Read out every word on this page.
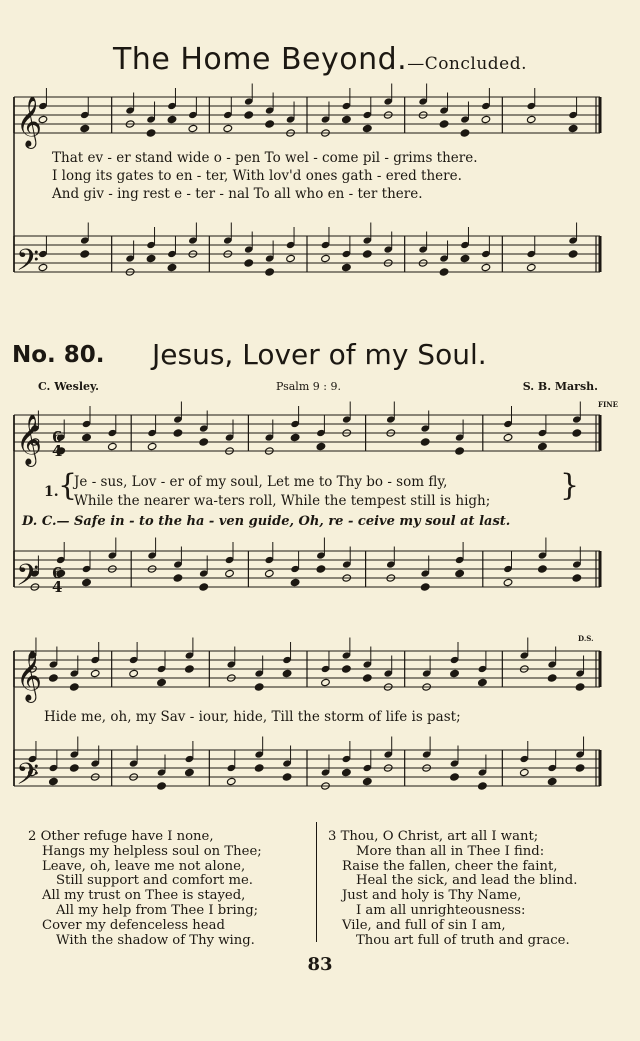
𝄞
𝄢
𝄞 6
4
𝄢 6
4
𝄞
𝄢
The Home Beyond.—Concluded.
That ev - er stand wide o - pen To wel - come pil - grims there.
I long its gates to en - ter, With lov'd ones gath - ered there.
And giv - ing rest e - ter - nal To all who en - ter there.
No. 80. Jesus, Lover of my Soul.
C. Wesley.	Psalm 9 : 9.	S. B. Marsh.
FINE
D.S.
1. {	}
Je - sus, Lov - er of my soul, Let me to Thy bo - som fly,
While the nearer wa-ters roll, While the tempest still is high;
D. C.— Safe in - to the ha - ven guide, Oh, re - ceive my soul at last.
Hide me, oh, my Sav - iour, hide, Till the storm of life is past;
2 Other refuge have I none,
Hangs my helpless soul on Thee;
Leave, oh, leave me not alone,
Still support and comfort me.
All my trust on Thee is stayed,
All my help from Thee I bring;
Cover my defenceless head
With the shadow of Thy wing.
3 Thou, O Christ, art all I want;
More than all in Thee I find:
Raise the fallen, cheer the faint,
Heal the sick, and lead the blind.
Just and holy is Thy Name,
I am all unrighteousness:
Vile, and full of sin I am,
Thou art full of truth and grace.
83
